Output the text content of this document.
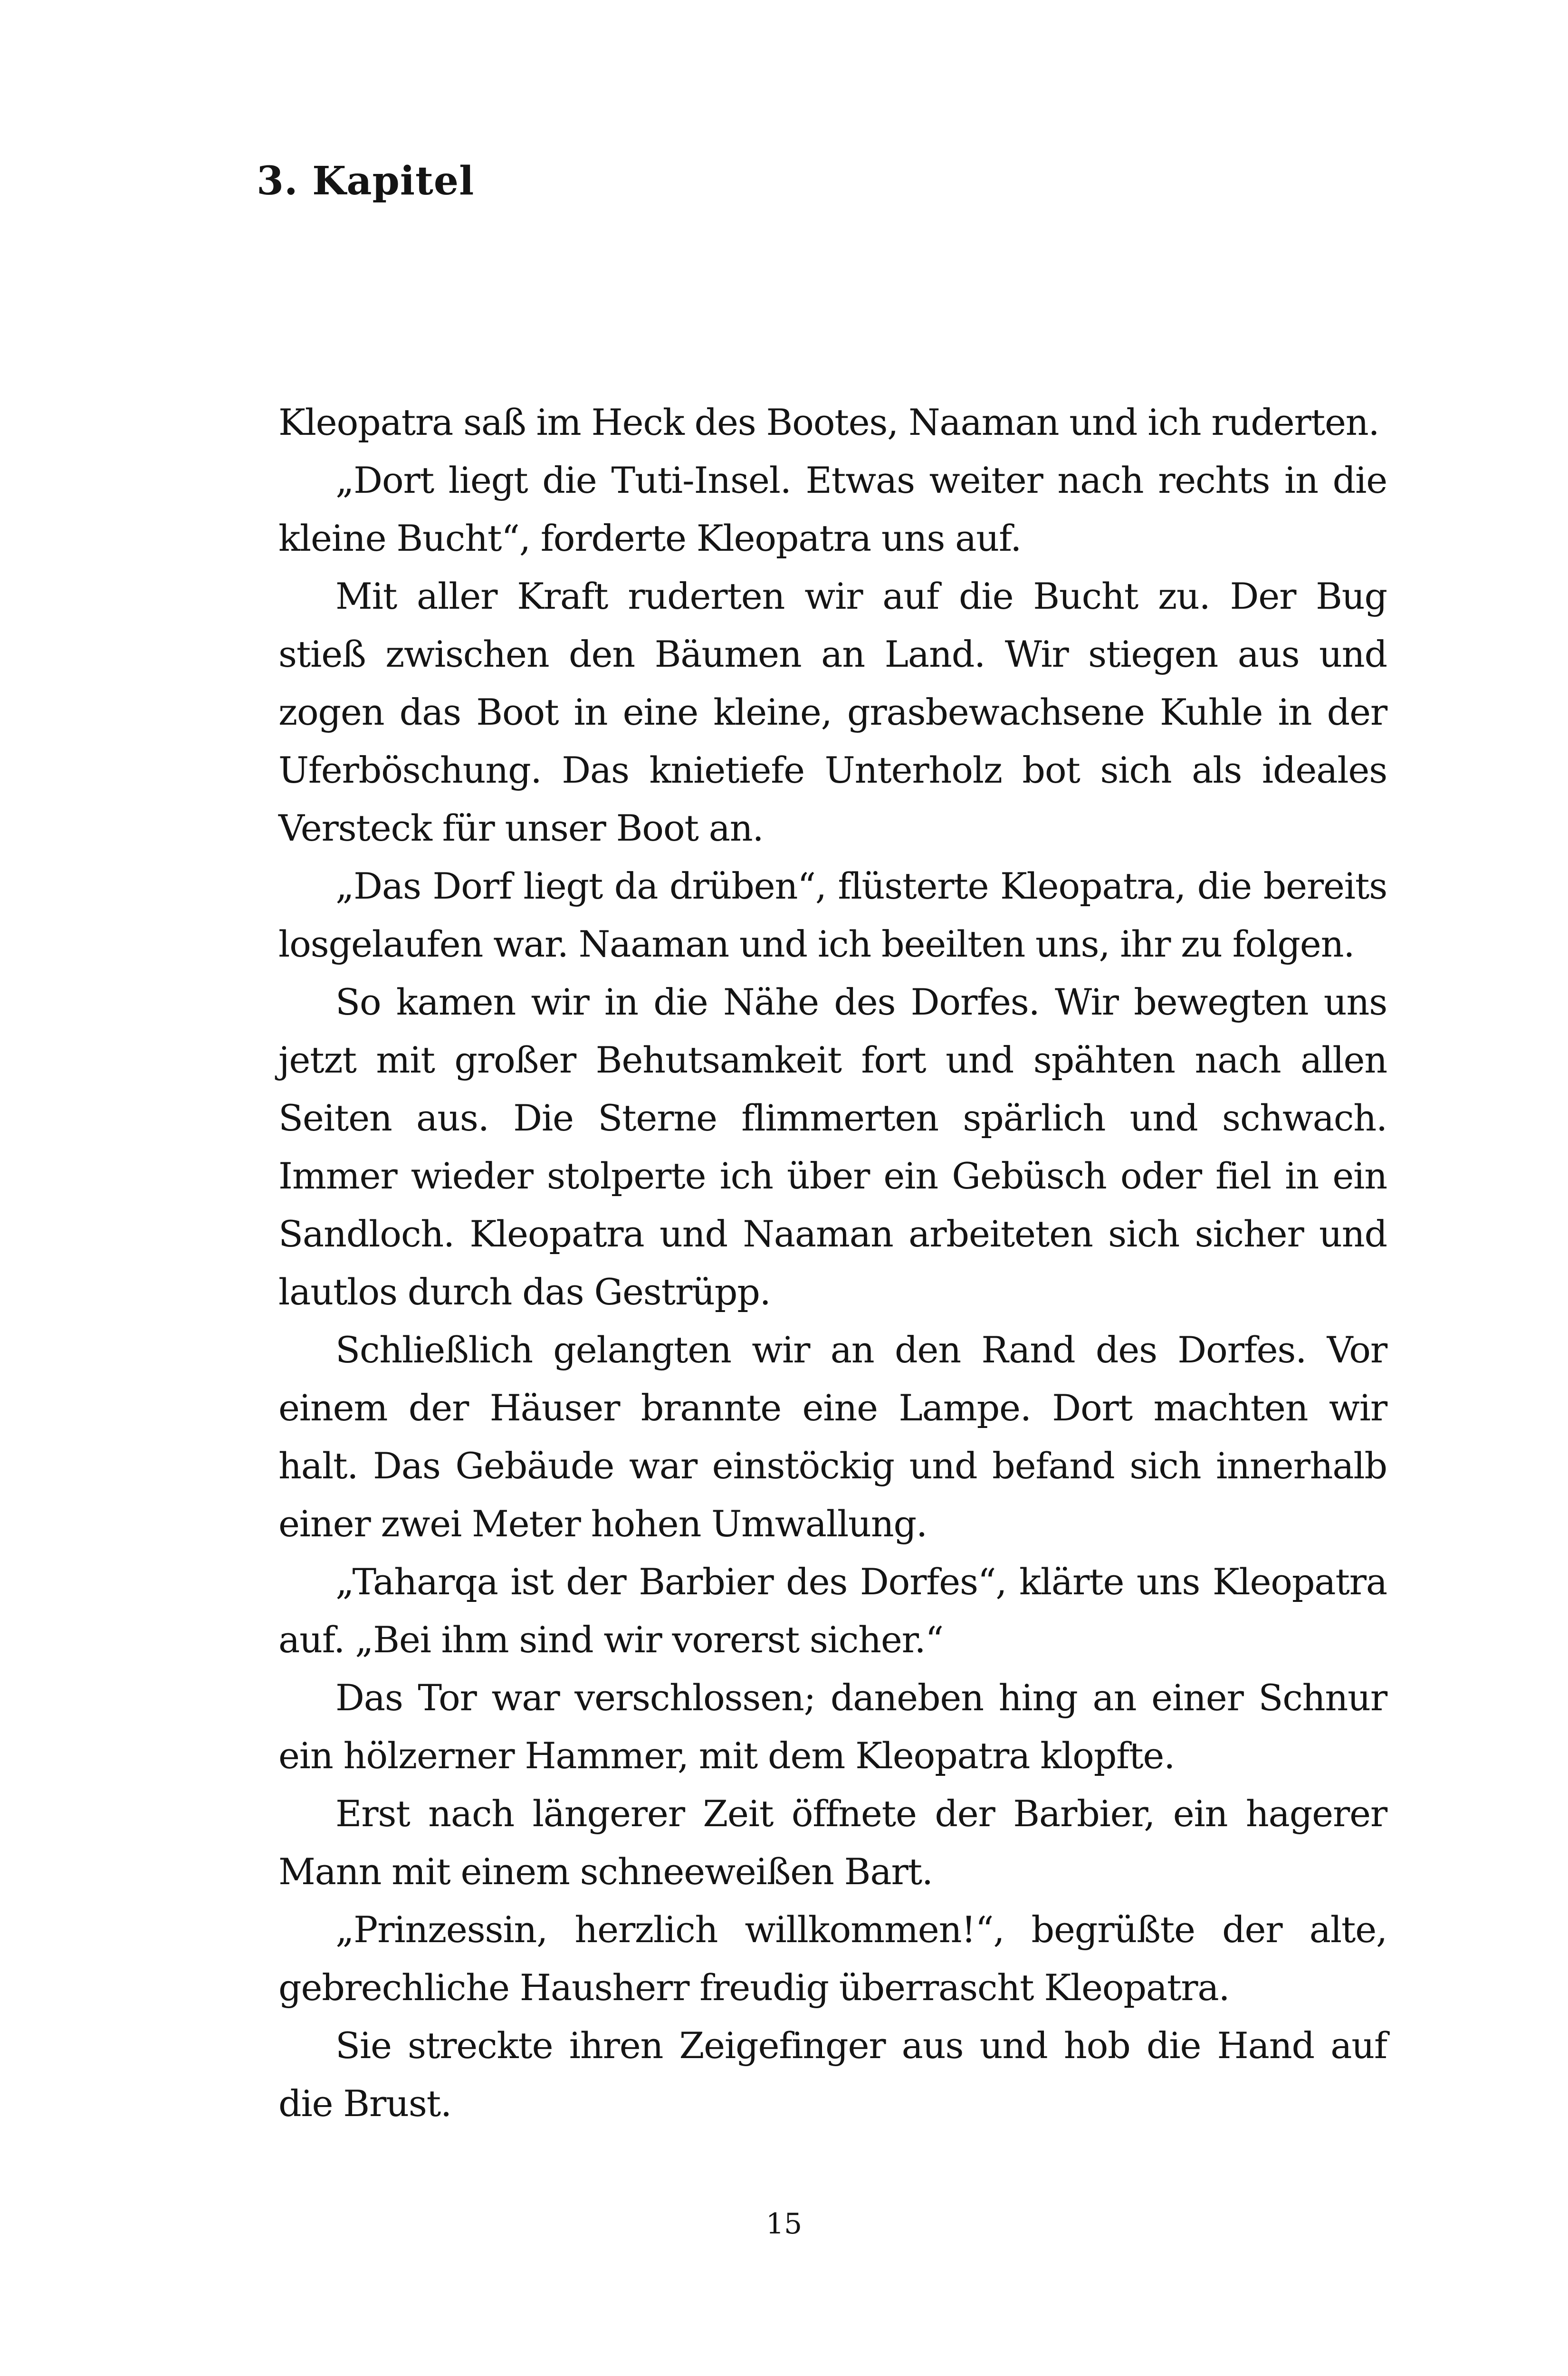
3. Kapitel

Kleopatra saß im Heck des Bootes, Naaman und ich ruderten.

„Dort liegt die Tuti-Insel. Etwas weiter nach rechts in die kleine Bucht“, forderte Kleopatra uns auf.

Mit aller Kraft ruderten wir auf die Bucht zu. Der Bug stieß zwischen den Bäumen an Land. Wir stiegen aus und zogen das Boot in eine kleine, grasbewachsene Kuhle in der Uferböschung. Das knietiefe Unterholz bot sich als ideales Versteck für unser Boot an.

„Das Dorf liegt da drüben“, flüsterte Kleopatra, die bereits losgelaufen war. Naaman und ich beeilten uns, ihr zu folgen.

So kamen wir in die Nähe des Dorfes. Wir bewegten uns jetzt mit großer Behutsamkeit fort und spähten nach allen Seiten aus. Die Sterne flimmerten spärlich und schwach. Immer wieder stolperte ich über ein Gebüsch oder fiel in ein Sandloch. Kleopatra und Naaman arbeiteten sich sicher und lautlos durch das Gestrüpp.

Schließlich gelangten wir an den Rand des Dorfes. Vor einem der Häuser brannte eine Lampe. Dort machten wir halt. Das Gebäude war einstöckig und befand sich innerhalb einer zwei Meter hohen Umwallung.

„Taharqa ist der Barbier des Dorfes“, klärte uns Kleopatra auf. „Bei ihm sind wir vorerst sicher.“

Das Tor war verschlossen; daneben hing an einer Schnur ein hölzerner Hammer, mit dem Kleopatra klopfte.

Erst nach längerer Zeit öffnete der Barbier, ein hagerer Mann mit einem schneeweißen Bart.

„Prinzessin, herzlich willkommen!“, begrüßte der alte, gebrechliche Hausherr freudig überrascht Kleopatra.

Sie streckte ihren Zeigefinger aus und hob die Hand auf die Brust.

15
